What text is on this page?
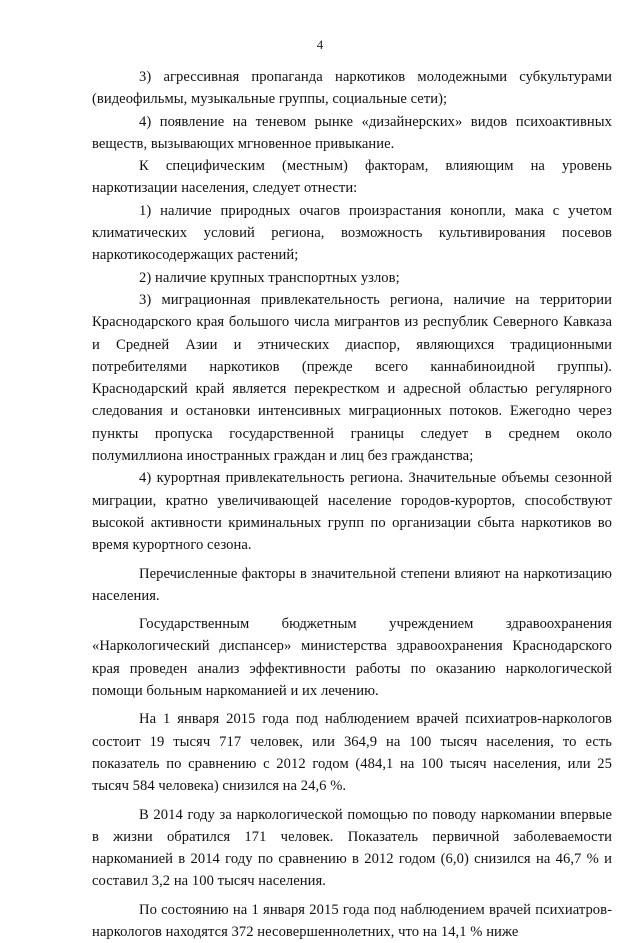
4

3) агрессивная пропаганда наркотиков молодежными субкультурами (видеофильмы, музыкальные группы, социальные сети);

4) появление на теневом рынке «дизайнерских» видов психоактивных веществ, вызывающих мгновенное привыкание.

К специфическим (местным) факторам, влияющим на уровень наркотизации населения, следует отнести:

1) наличие природных очагов произрастания конопли, мака с учетом климатических условий региона, возможность культивирования посевов наркотикосодержащих растений;

2) наличие крупных транспортных узлов;

3) миграционная привлекательность региона, наличие на территории Краснодарского края большого числа мигрантов из республик Северного Кавказа и Средней Азии и этнических диаспор, являющихся традиционными потребителями наркотиков (прежде всего каннабиноидной группы). Краснодарский край является перекрестком и адресной областью регулярного следования и остановки интенсивных миграционных потоков. Ежегодно через пункты пропуска государственной границы следует в среднем около полумиллиона иностранных граждан и лиц без гражданства;

4) курортная привлекательность региона. Значительные объемы сезонной миграции, кратно увеличивающей население городов-курортов, способствуют высокой активности криминальных групп по организации сбыта наркотиков во время курортного сезона.

Перечисленные факторы в значительной степени влияют на наркотизацию населения.

Государственным бюджетным учреждением здравоохранения «Наркологический диспансер» министерства здравоохранения Краснодарского края проведен анализ эффективности работы по оказанию наркологической помощи больным наркоманией и их лечению.

На 1 января 2015 года под наблюдением врачей психиатров-наркологов состоит 19 тысяч 717 человек, или 364,9 на 100 тысяч населения, то есть показатель по сравнению с 2012 годом (484,1 на 100 тысяч населения, или 25 тысяч 584 человека) снизился на 24,6 %.

В 2014 году за наркологической помощью по поводу наркомании впервые в жизни обратился 171 человек. Показатель первичной заболеваемости наркоманией в 2014 году по сравнению в 2012 годом (6,0) снизился на 46,7 % и составил 3,2 на 100 тысяч населения.

По состоянию на 1 января 2015 года под наблюдением врачей психиатров-наркологов находятся 372 несовершеннолетних, что на 14,1 % ниже
